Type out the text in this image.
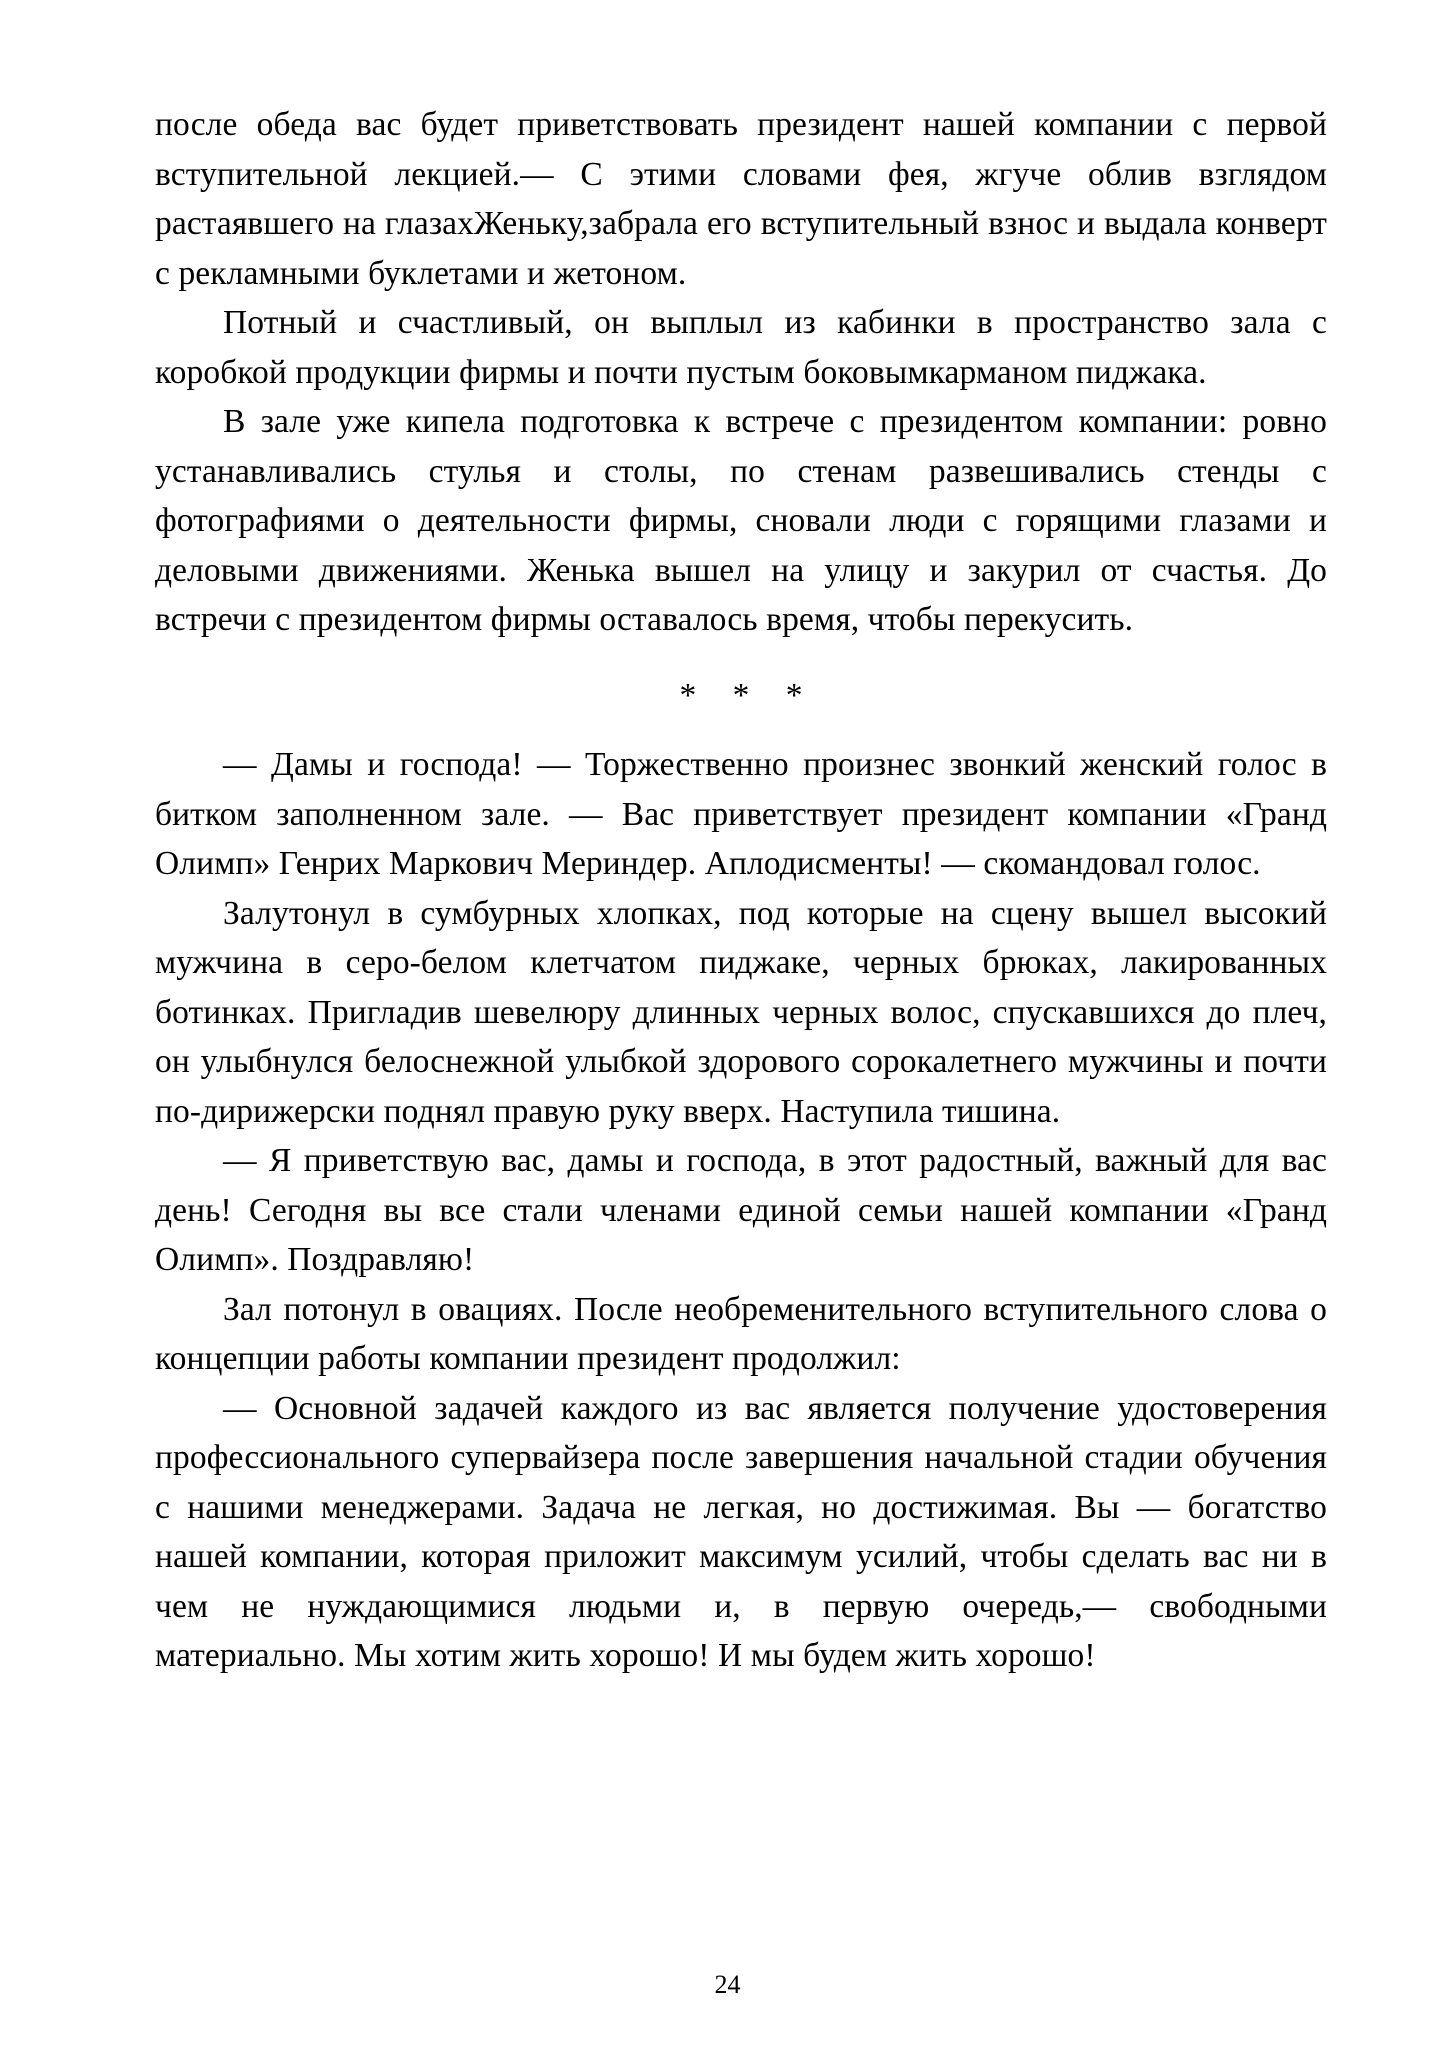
после обеда вас будет приветствовать президент нашей компании с первой вступительной лекцией.— С этими словами фея, жгуче облив взглядом растаявшего на глазахЖеньку,забрала его вступительный взнос и выдала конверт с рекламными буклетами и жетоном.

Потный и счастливый, он выплыл из кабинки в пространство зала с коробкой продукции фирмы и почти пустым боковымкарманом пиджака.

В зале уже кипела подготовка к встрече с президентом компании: ровно устанавливались стулья и столы, по стенам развешивались стенды с фотографиями о деятельности фирмы, сновали люди с горящими глазами и деловыми движениями. Женька вышел на улицу и закурил от счастья. До встречи с президентом фирмы оставалось время, чтобы перекусить.

* * *

— Дамы и господа! — Торжественно произнес звонкий женский голос в битком заполненном зале. — Вас приветствует президент компании «Гранд Олимп» Генрих Маркович Мериндер. Аплодисменты! — скомандовал голос.

Залутонул в сумбурных хлопках, под которые на сцену вышел высокий мужчина в серо-белом клетчатом пиджаке, черных брюках, лакированных ботинках. Пригладив шевелюру длинных черных волос, спускавшихся до плеч, он улыбнулся белоснежной улыбкой здорового сорокалетнего мужчины и почти по-дирижерски поднял правую руку вверх. Наступила тишина.

— Я приветствую вас, дамы и господа, в этот радостный, важный для вас день! Сегодня вы все стали членами единой семьи нашей компании «Гранд Олимп». Поздравляю!

Зал потонул в овациях. После необременительного вступительного слова о концепции работы компании президент продолжил:

— Основной задачей каждого из вас является получение удостоверения профессионального супервайзера после завершения начальной стадии обучения с нашими менеджерами. Задача не легкая, но достижимая. Вы — богатство нашей компании, которая приложит максимум усилий, чтобы сделать вас ни в чем не нуждающимися людьми и, в первую очередь,— свободными материально. Мы хотим жить хорошо! И мы будем жить хорошо!

24
